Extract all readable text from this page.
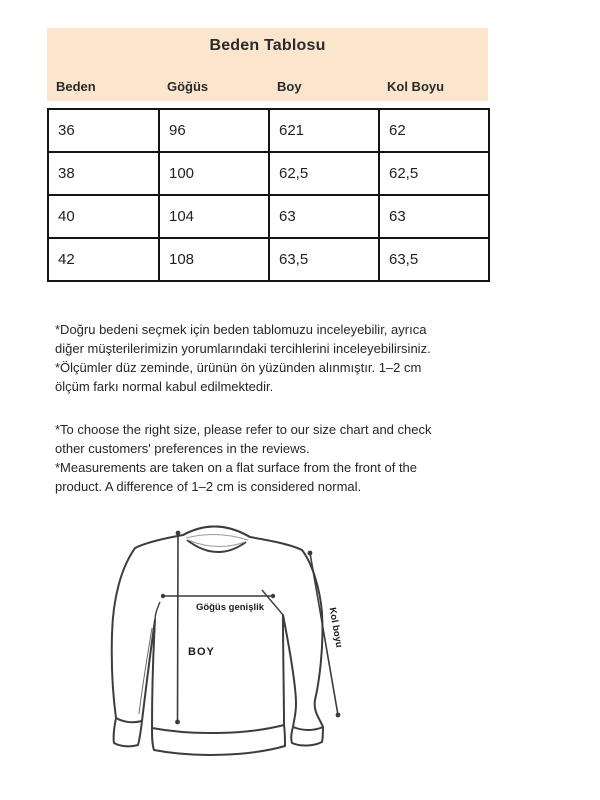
Beden Tablosu
Beden	Göğüs	Boy	Kol Boyu
36	96	621	62
38	100	62,5	62,5
40	104	63	63
42	108	63,5	63,5
*Doğru bedeni seçmek için beden tablomuzu inceleyebilir, ayrıca
diğer müşterilerimizin yorumlarındaki tercihlerini inceleyebilirsiniz.
*Ölçümler düz zeminde, ürünün ön yüzünden alınmıştır. 1–2 cm
ölçüm farkı normal kabul edilmektedir.
*To choose the right size, please refer to our size chart and check
other customers' preferences in the reviews.
*Measurements are taken on a flat surface from the front of the
product. A difference of 1–2 cm is considered normal.
Göğüs genişlik
BOY
Kol boyu
